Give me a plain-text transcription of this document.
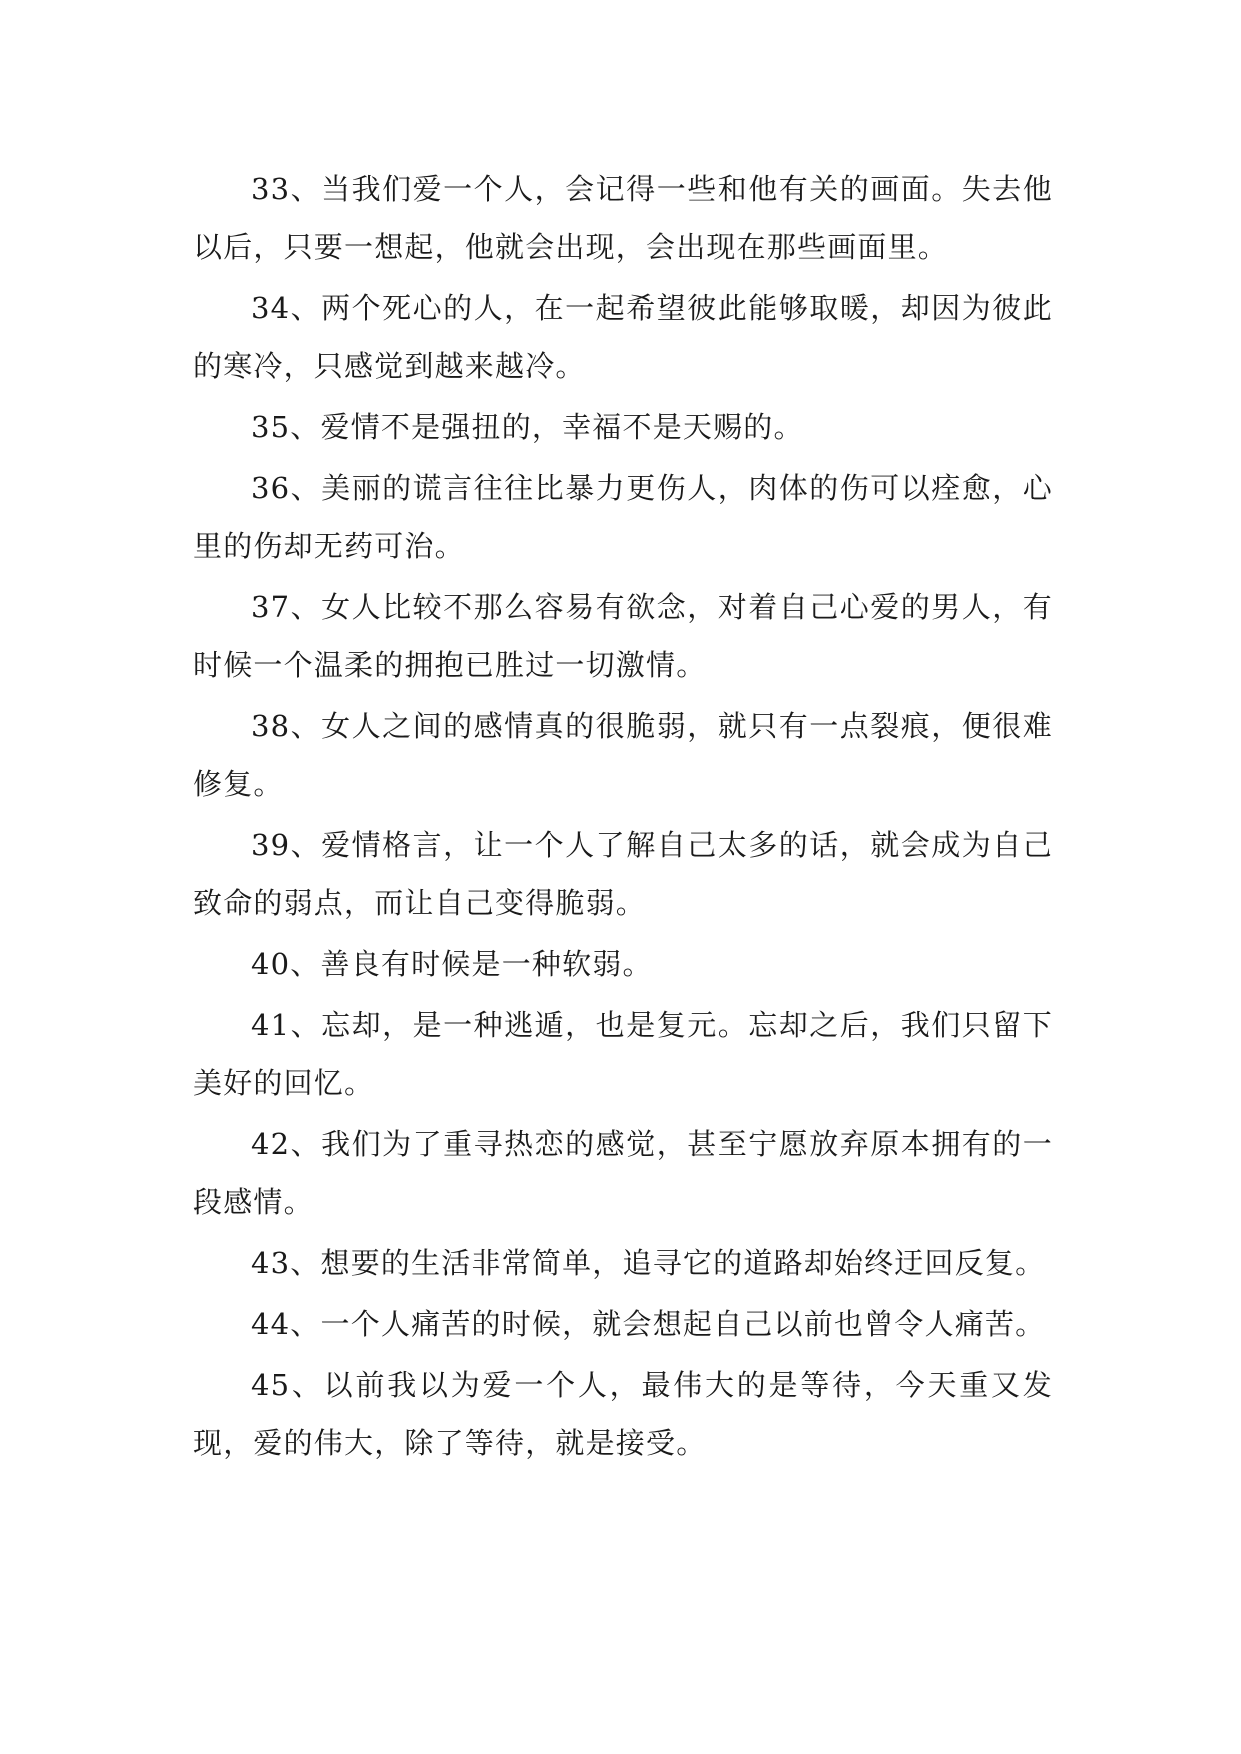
33、当我们爱一个人，会记得一些和他有关的画面。失去他以后，只要一想起，他就会出现，会出现在那些画面里。

34、两个死心的人，在一起希望彼此能够取暖，却因为彼此的寒冷，只感觉到越来越冷。

35、爱情不是强扭的，幸福不是天赐的。

36、美丽的谎言往往比暴力更伤人，肉体的伤可以痊愈，心里的伤却无药可治。

37、女人比较不那么容易有欲念，对着自己心爱的男人，有时候一个温柔的拥抱已胜过一切激情。

38、女人之间的感情真的很脆弱，就只有一点裂痕，便很难修复。

39、爱情格言，让一个人了解自己太多的话，就会成为自己致命的弱点，而让自己变得脆弱。

40、善良有时候是一种软弱。

41、忘却，是一种逃遁，也是复元。忘却之后，我们只留下美好的回忆。

42、我们为了重寻热恋的感觉，甚至宁愿放弃原本拥有的一段感情。

43、想要的生活非常简单，追寻它的道路却始终迂回反复。

44、一个人痛苦的时候，就会想起自己以前也曾令人痛苦。

45、以前我以为爱一个人，最伟大的是等待，今天重又发现，爱的伟大，除了等待，就是接受。
